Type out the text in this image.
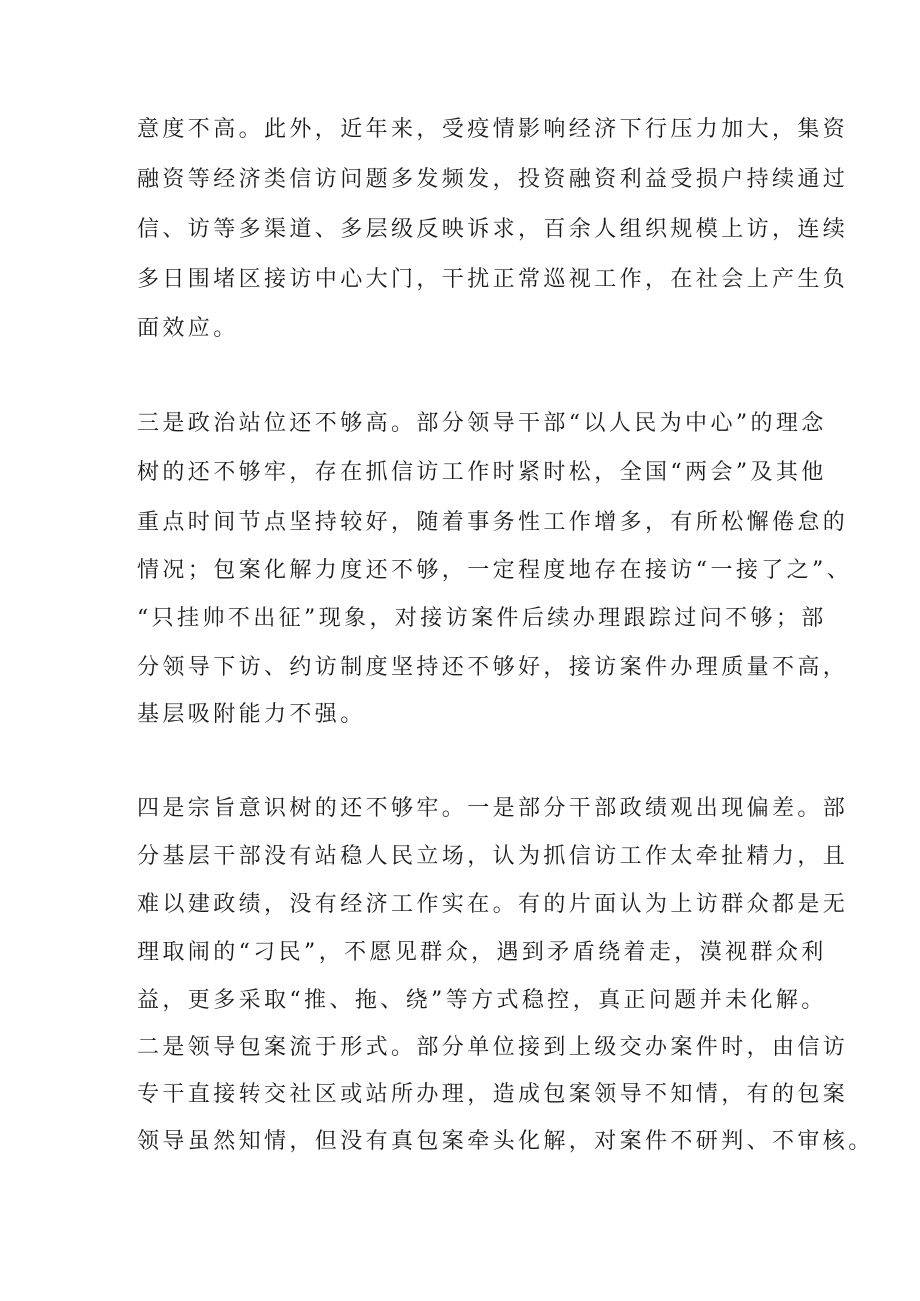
意度不高。此外，近年来，受疫情影响经济下行压力加大，集资

融资等经济类信访问题多发频发，投资融资利益受损户持续通过

信、访等多渠道、多层级反映诉求，百余人组织规模上访，连续

多日围堵区接访中心大门，干扰正常巡视工作，在社会上产生负

面效应。

三是政治站位还不够高。部分领导干部“以人民为中心”的理念

树的还不够牢，存在抓信访工作时紧时松，全国“两会”及其他

重点时间节点坚持较好，随着事务性工作增多，有所松懈倦怠的

情况；包案化解力度还不够，一定程度地存在接访“一接了之”、

“只挂帅不出征”现象，对接访案件后续办理跟踪过问不够；部

分领导下访、约访制度坚持还不够好，接访案件办理质量不高，

基层吸附能力不强。

四是宗旨意识树的还不够牢。一是部分干部政绩观出现偏差。部

分基层干部没有站稳人民立场，认为抓信访工作太牵扯精力，且

难以建政绩，没有经济工作实在。有的片面认为上访群众都是无

理取闹的“刁民”，不愿见群众，遇到矛盾绕着走，漠视群众利

益，更多采取“推、拖、绕”等方式稳控，真正问题并未化解。

二是领导包案流于形式。部分单位接到上级交办案件时，由信访

专干直接转交社区或站所办理，造成包案领导不知情，有的包案

领导虽然知情，但没有真包案牵头化解，对案件不研判、不审核。
